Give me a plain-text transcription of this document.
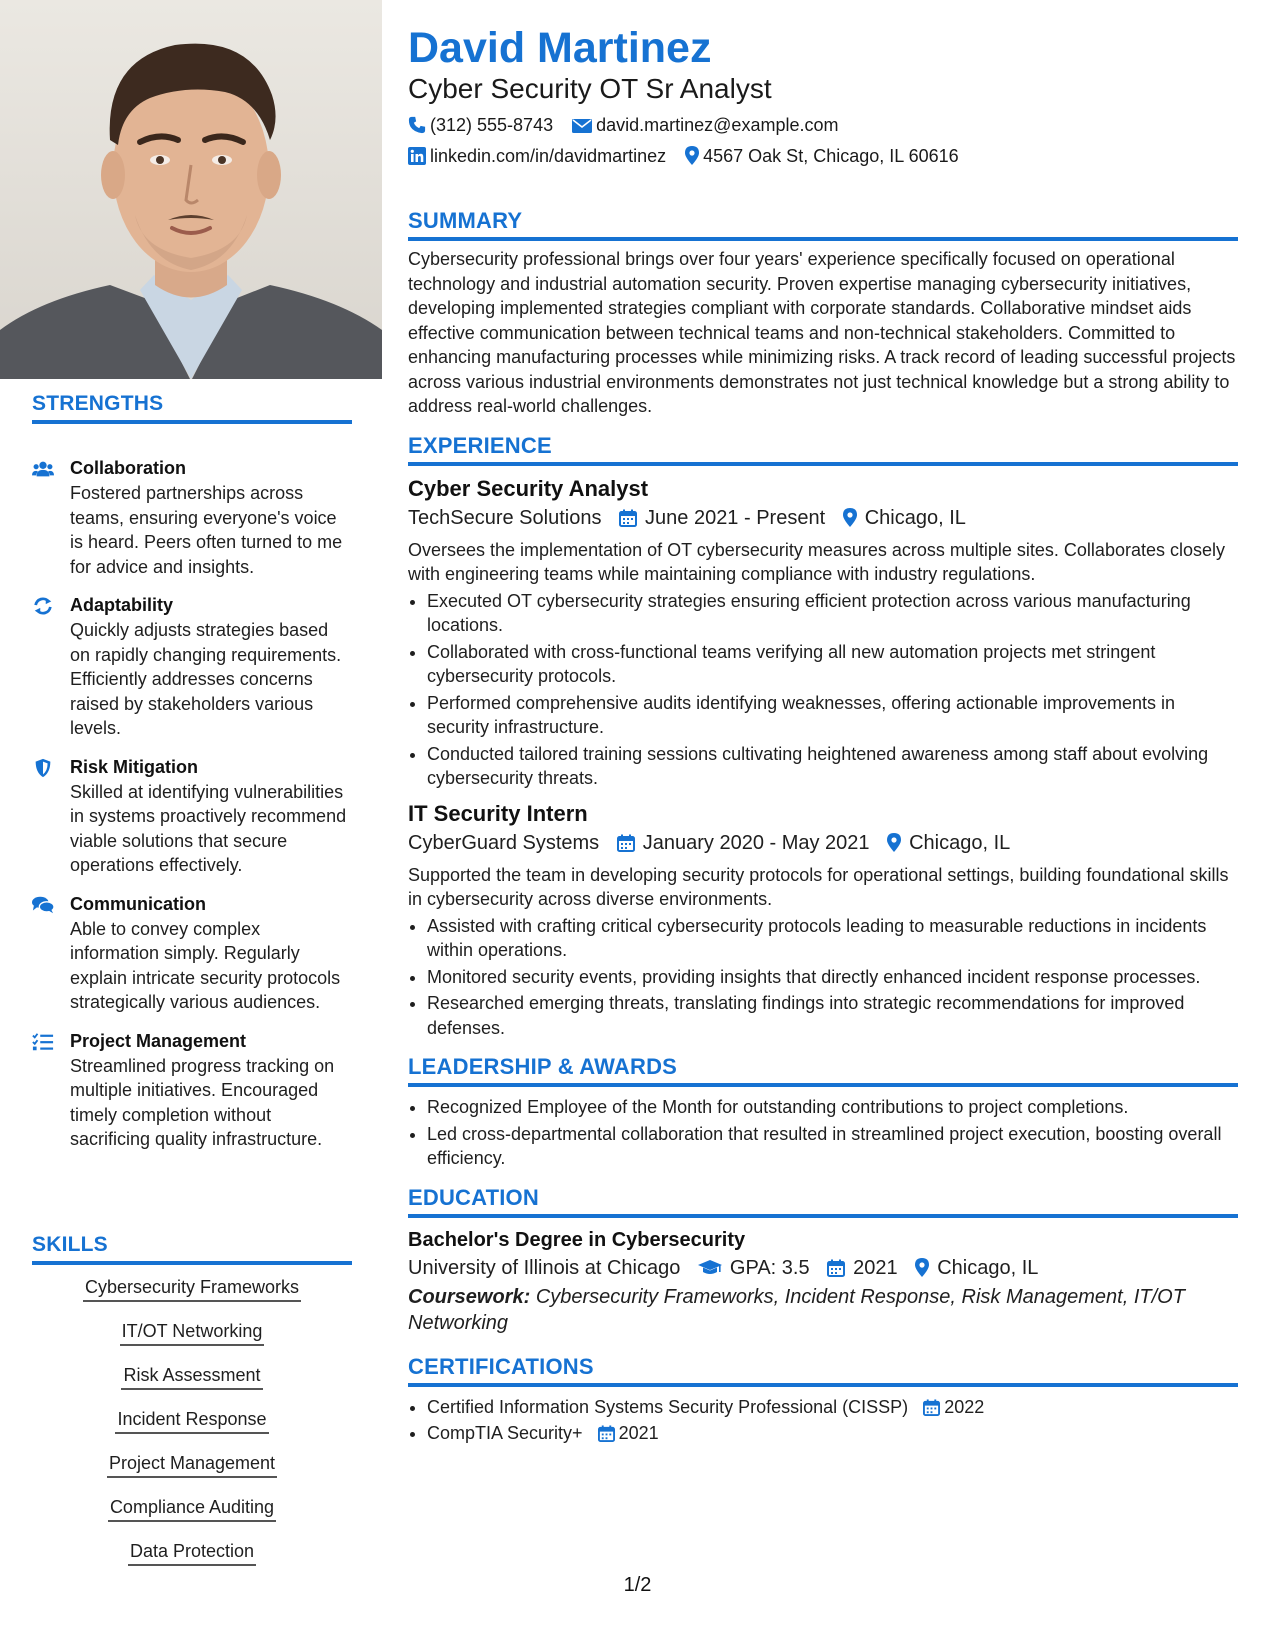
STRENGTHS
Collaboration
Fostered partnerships across teams, ensuring everyone's voice is heard. Peers often turned to me for advice and insights.
Adaptability
Quickly adjusts strategies based on rapidly changing requirements. Efficiently addresses concerns raised by stakeholders various levels.
Risk Mitigation
Skilled at identifying vulnerabilities in systems proactively recommend viable solutions that secure operations effectively.
Communication
Able to convey complex information simply. Regularly explain intricate security protocols strategically various audiences.
Project Management
Streamlined progress tracking on multiple initiatives. Encouraged timely completion without sacrificing quality infrastructure.
SKILLS
Cybersecurity Frameworks
IT/OT Networking
Risk Assessment
Incident Response
Project Management
Compliance Auditing
Data Protection
David Martinez
Cyber Security OT Sr Analyst
(312) 555-8743 david.martinez@example.com
linkedin.com/in/davidmartinez 4567 Oak St, Chicago, IL 60616
SUMMARY
Cybersecurity professional brings over four years' experience specifically focused on operational technology and industrial automation security. Proven expertise managing cybersecurity initiatives, developing implemented strategies compliant with corporate standards. Collaborative mindset aids effective communication between technical teams and non-technical stakeholders. Committed to enhancing manufacturing processes while minimizing risks. A track record of leading successful projects across various industrial environments demonstrates not just technical knowledge but a strong ability to address real-world challenges.
EXPERIENCE
Cyber Security Analyst
TechSecure Solutions June 2021 - Present Chicago, IL
Oversees the implementation of OT cybersecurity measures across multiple sites. Collaborates closely with engineering teams while maintaining compliance with industry regulations.
• Executed OT cybersecurity strategies ensuring efficient protection across various manufacturing locations.
• Collaborated with cross-functional teams verifying all new automation projects met stringent cybersecurity protocols.
• Performed comprehensive audits identifying weaknesses, offering actionable improvements in security infrastructure.
• Conducted tailored training sessions cultivating heightened awareness among staff about evolving cybersecurity threats.
IT Security Intern
CyberGuard Systems January 2020 - May 2021 Chicago, IL
Supported the team in developing security protocols for operational settings, building foundational skills in cybersecurity across diverse environments.
• Assisted with crafting critical cybersecurity protocols leading to measurable reductions in incidents within operations.
• Monitored security events, providing insights that directly enhanced incident response processes.
• Researched emerging threats, translating findings into strategic recommendations for improved defenses.
LEADERSHIP & AWARDS
• Recognized Employee of the Month for outstanding contributions to project completions.
• Led cross-departmental collaboration that resulted in streamlined project execution, boosting overall efficiency.
EDUCATION
Bachelor's Degree in Cybersecurity
University of Illinois at Chicago GPA: 3.5 2021 Chicago, IL
Coursework: Cybersecurity Frameworks, Incident Response, Risk Management, IT/OT Networking
CERTIFICATIONS
• Certified Information Systems Security Professional (CISSP) 2022
• CompTIA Security+ 2021
1/2
